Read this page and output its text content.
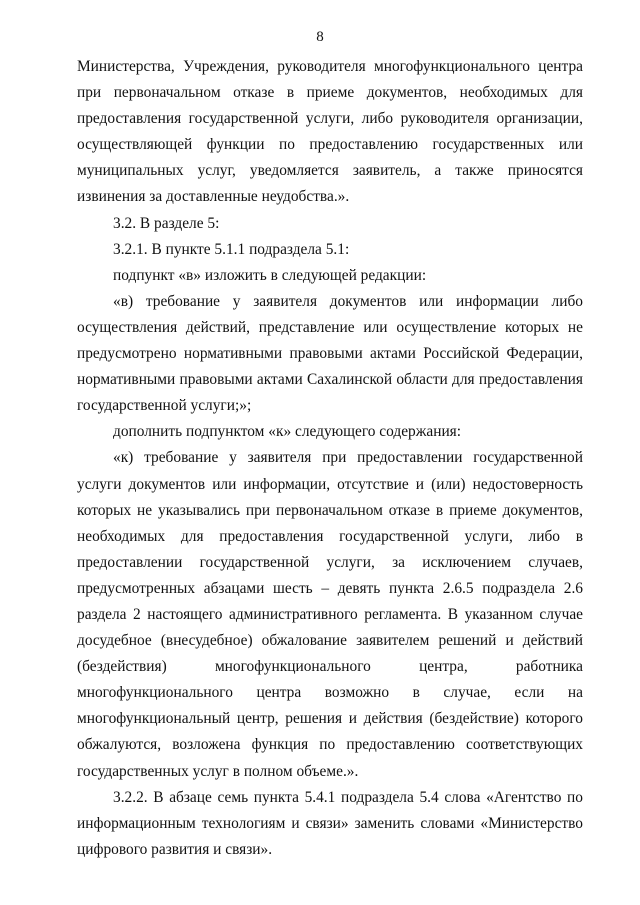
8

Министерства, Учреждения, руководителя многофункционального центра при первоначальном отказе в приеме документов, необходимых для предоставления государственной услуги, либо руководителя организации, осуществляющей функции по предоставлению государственных или муниципальных услуг, уведомляется заявитель, а также приносятся извинения за доставленные неудобства.».

3.2. В разделе 5:

3.2.1. В пункте 5.1.1 подраздела 5.1:

подпункт «в» изложить в следующей редакции:

«в) требование у заявителя документов или информации либо осуществления действий, представление или осуществление которых не предусмотрено нормативными правовыми актами Российской Федерации, нормативными правовыми актами Сахалинской области для предоставления государственной услуги;»;

дополнить подпунктом «к» следующего содержания:

«к) требование у заявителя при предоставлении государственной услуги документов или информации, отсутствие и (или) недостоверность которых не указывались при первоначальном отказе в приеме документов, необходимых для предоставления государственной услуги, либо в предоставлении государственной услуги, за исключением случаев, предусмотренных абзацами шесть – девять пункта 2.6.5 подраздела 2.6 раздела 2 настоящего административного регламента. В указанном случае досудебное (внесудебное) обжалование заявителем решений и действий (бездействия) многофункционального центра, работника многофункционального центра возможно в случае, если на многофункциональный центр, решения и действия (бездействие) которого обжалуются, возложена функция по предоставлению соответствующих государственных услуг в полном объеме.».

3.2.2. В абзаце семь пункта 5.4.1 подраздела 5.4 слова «Агентство по информационным технологиям и связи» заменить словами «Министерство цифрового развития и связи».
